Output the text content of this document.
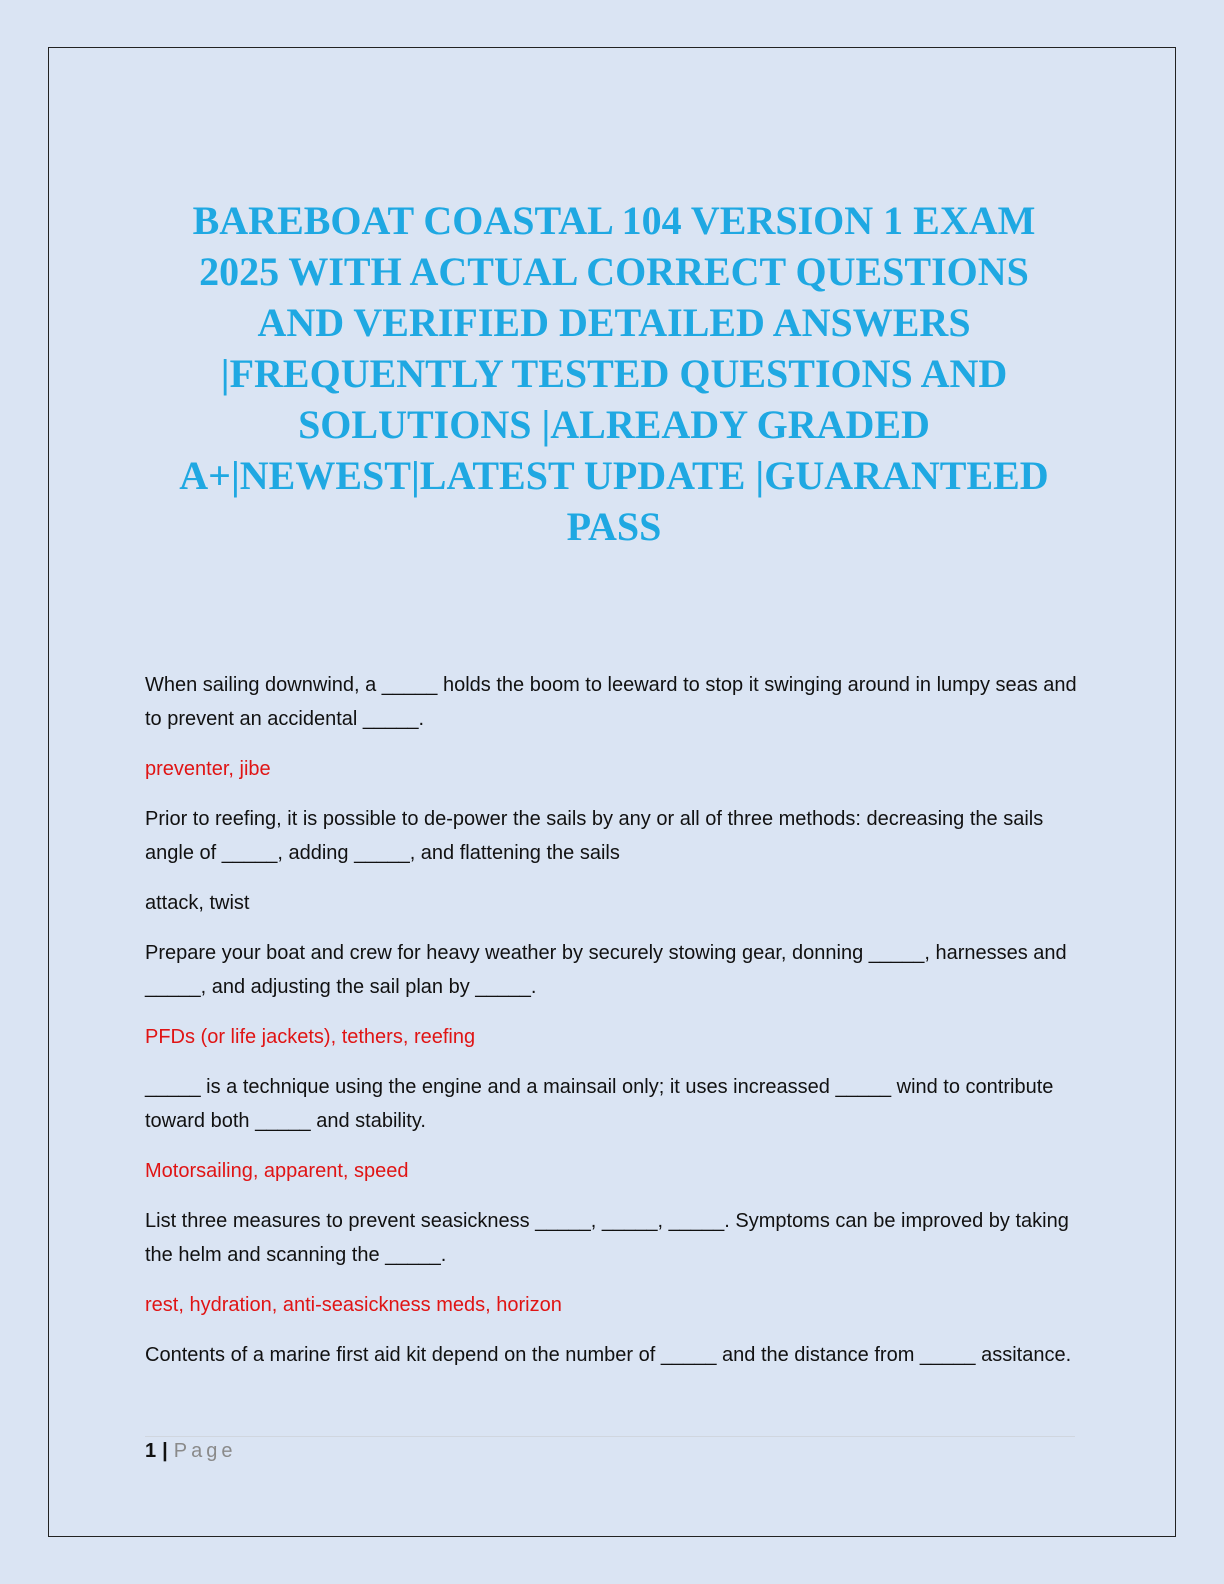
BAREBOAT COASTAL 104 VERSION 1 EXAM
2025 WITH ACTUAL CORRECT QUESTIONS
AND VERIFIED DETAILED ANSWERS
|FREQUENTLY TESTED QUESTIONS AND
SOLUTIONS |ALREADY GRADED
A+|NEWEST|LATEST UPDATE |GUARANTEED
PASS

When sailing downwind, a _____ holds the boom to leeward to stop it swinging around in lumpy seas and to prevent an accidental _____.

preventer, jibe

Prior to reefing, it is possible to de-power the sails by any or all of three methods: decreasing the sails angle of _____, adding _____, and flattening the sails

attack, twist

Prepare your boat and crew for heavy weather by securely stowing gear, donning _____, harnesses and _____, and adjusting the sail plan by _____.

PFDs (or life jackets), tethers, reefing

_____ is a technique using the engine and a mainsail only; it uses increassed _____ wind to contribute toward both _____ and stability.

Motorsailing, apparent, speed

List three measures to prevent seasickness _____, _____, _____. Symptoms can be improved by taking the helm and scanning the _____.

rest, hydration, anti-seasickness meds, horizon

Contents of a marine first aid kit depend on the number of _____ and the distance from _____ assitance.

1 | Page
